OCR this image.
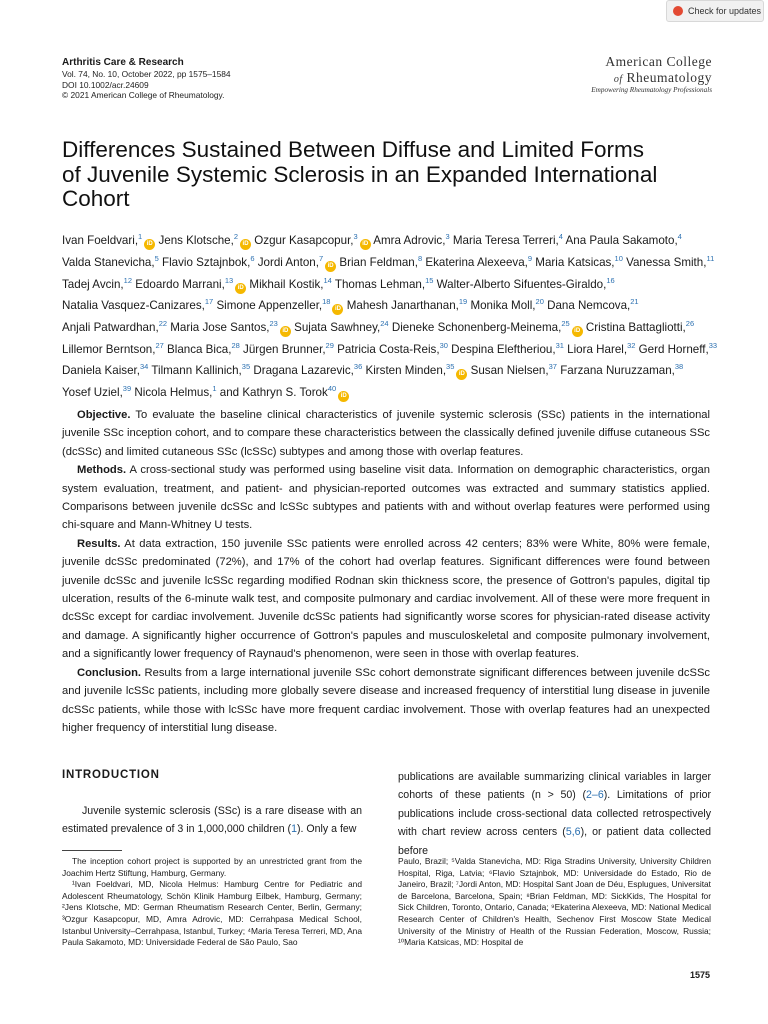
Check for updates
Arthritis Care & Research
Vol. 74, No. 10, October 2022, pp 1575–1584
DOI 10.1002/acr.24609
© 2021 American College of Rheumatology.
American College
of Rheumatology
Empowering Rheumatology Professionals
Differences Sustained Between Diffuse and Limited Forms of Juvenile Systemic Sclerosis in an Expanded International Cohort
Ivan Foeldvari,$^1$iD Jens Klotsche,$^2$iD Ozgur Kasapcopur,$^3$iD Amra Adrovic,$^3$ Maria Teresa Terreri,$^4$ Ana Paula Sakamoto,$^4$ Valda Stanevicha,$^5$ Flavio Sztajnbok,$^6$ Jordi Anton,$^7$iD Brian Feldman,$^8$ Ekaterina Alexeeva,$^9$ Maria Katsicas,$^{10}$ Vanessa Smith,$^{11}$ Tadej Avcin,$^{12}$ Edoardo Marrani,$^{13}$iD Mikhail Kostik,$^{14}$ Thomas Lehman,$^{15}$ Walter-Alberto Sifuentes-Giraldo,$^{16}$ Natalia Vasquez-Canizares,$^{17}$ Simone Appenzeller,$^{18}$iD Mahesh Janarthanan,$^{19}$ Monika Moll,$^{20}$ Dana Nemcova,$^{21}$ Anjali Patwardhan,$^{22}$ Maria Jose Santos,$^{23}$iD Sujata Sawhney,$^{24}$ Dieneke Schonenberg-Meinema,$^{25}$iD Cristina Battagliotti,$^{26}$ Lillemor Berntson,$^{27}$ Blanca Bica,$^{28}$ Jürgen Brunner,$^{29}$ Patricia Costa-Reis,$^{30}$ Despina Eleftheriou,$^{31}$ Liora Harel,$^{32}$ Gerd Horneff,$^{33}$ Daniela Kaiser,$^{34}$ Tilmann Kallinich,$^{35}$ Dragana Lazarevic,$^{36}$ Kirsten Minden,$^{35}$iD Susan Nielsen,$^{37}$ Farzana Nuruzzaman,$^{38}$ Yosef Uziel,$^{39}$ Nicola Helmus,$^1$ and Kathryn S. Torok$^{40}$iD

Objective. To evaluate the baseline clinical characteristics of juvenile systemic sclerosis (SSc) patients in the international juvenile SSc inception cohort, and to compare these characteristics between the classically defined juvenile diffuse cutaneous SSc (dcSSc) and limited cutaneous SSc (lcSSc) subtypes and among those with overlap features.

Methods. A cross-sectional study was performed using baseline visit data. Information on demographic characteristics, organ system evaluation, treatment, and patient- and physician-reported outcomes was extracted and summary statistics applied. Comparisons between juvenile dcSSc and lcSSc subtypes and patients with and without overlap features were performed using chi-square and Mann-Whitney U tests.

Results. At data extraction, 150 juvenile SSc patients were enrolled across 42 centers; 83% were White, 80% were female, juvenile dcSSc predominated (72%), and 17% of the cohort had overlap features. Significant differences were found between juvenile dcSSc and juvenile lcSSc regarding modified Rodnan skin thickness score, the presence of Gottron's papules, digital tip ulceration, results of the 6-minute walk test, and composite pulmonary and cardiac involvement. All of these were more frequent in dcSSc except for cardiac involvement. Juvenile dcSSc patients had significantly worse scores for physician-rated disease activity and damage. A significantly higher occurrence of Gottron's papules and musculoskeletal and composite pulmonary involvement, and a significantly lower frequency of Raynaud's phenomenon, were seen in those with overlap features.

Conclusion. Results from a large international juvenile SSc cohort demonstrate significant differences between juvenile dcSSc and juvenile lcSSc patients, including more globally severe disease and increased frequency of interstitial lung disease in juvenile dcSSc patients, while those with lcSSc have more frequent cardiac involvement. Those with overlap features had an unexpected higher frequency of interstitial lung disease.

INTRODUCTION

Juvenile systemic sclerosis (SSc) is a rare disease with an estimated prevalence of 3 in 1,000,000 children (1). Only a few

publications are available summarizing clinical variables in larger cohorts of these patients (n > 50) (2–6). Limitations of prior publications include cross-sectional data collected retrospectively with chart review across centers (5,6), or patient data collected before

The inception cohort project is supported by an unrestricted grant from the Joachim Hertz Stiftung, Hamburg, Germany.

¹Ivan Foeldvari, MD, Nicola Helmus: Hamburg Centre for Pediatric and Adolescent Rheumatology, Schön Klinik Hamburg Eilbek, Hamburg, Germany; ²Jens Klotsche, MD: German Rheumatism Research Center, Berlin, Germany; ³Ozgur Kasapcopur, MD, Amra Adrovic, MD: Cerrahpasa Medical School, Istanbul University–Cerrahpasa, Istanbul, Turkey; ⁴Maria Teresa Terreri, MD, Ana Paula Sakamoto, MD: Universidade Federal de São Paulo, Sao

Paulo, Brazil; ⁵Valda Stanevicha, MD: Riga Stradins University, University Children Hospital, Riga, Latvia; ⁶Flavio Sztajnbok, MD: Universidade do Estado, Rio de Janeiro, Brazil; ⁷Jordi Anton, MD: Hospital Sant Joan de Déu, Esplugues, Universitat de Barcelona, Barcelona, Spain; ⁸Brian Feldman, MD: SickKids, The Hospital for Sick Children, Toronto, Ontario, Canada; ⁹Ekaterina Alexeeva, MD: National Medical Research Center of Children's Health, Sechenov First Moscow State Medical University of the Ministry of Health of the Russian Federation, Moscow, Russia; ¹⁰Maria Katsicas, MD: Hospital de

1575
